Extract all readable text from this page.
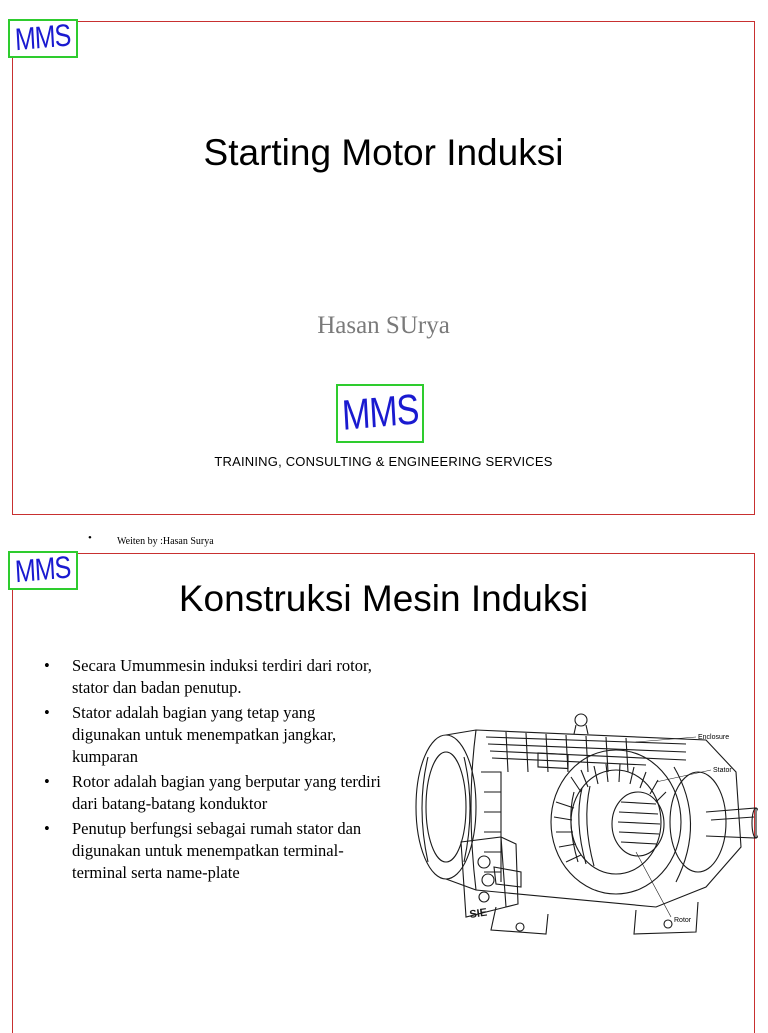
MMS
Starting Motor Induksi
Hasan SUrya
MMS
TRAINING, CONSULTING & ENGINEERING SERVICES
•	Weiten by :Hasan Surya
MMS
Konstruksi Mesin Induksi
• Secara Umummesin induksi terdiri dari rotor, stator dan badan penutup.
• Stator adalah bagian yang tetap yang digunakan untuk menempatkan jangkar, kumparan
• Rotor adalah bagian yang berputar yang terdiri dari batang-batang konduktor
• Penutup berfungsi sebagai rumah stator dan digunakan untuk menempatkan terminal-terminal serta name-plate
Enclosure
Stator
Rotor
SIE
